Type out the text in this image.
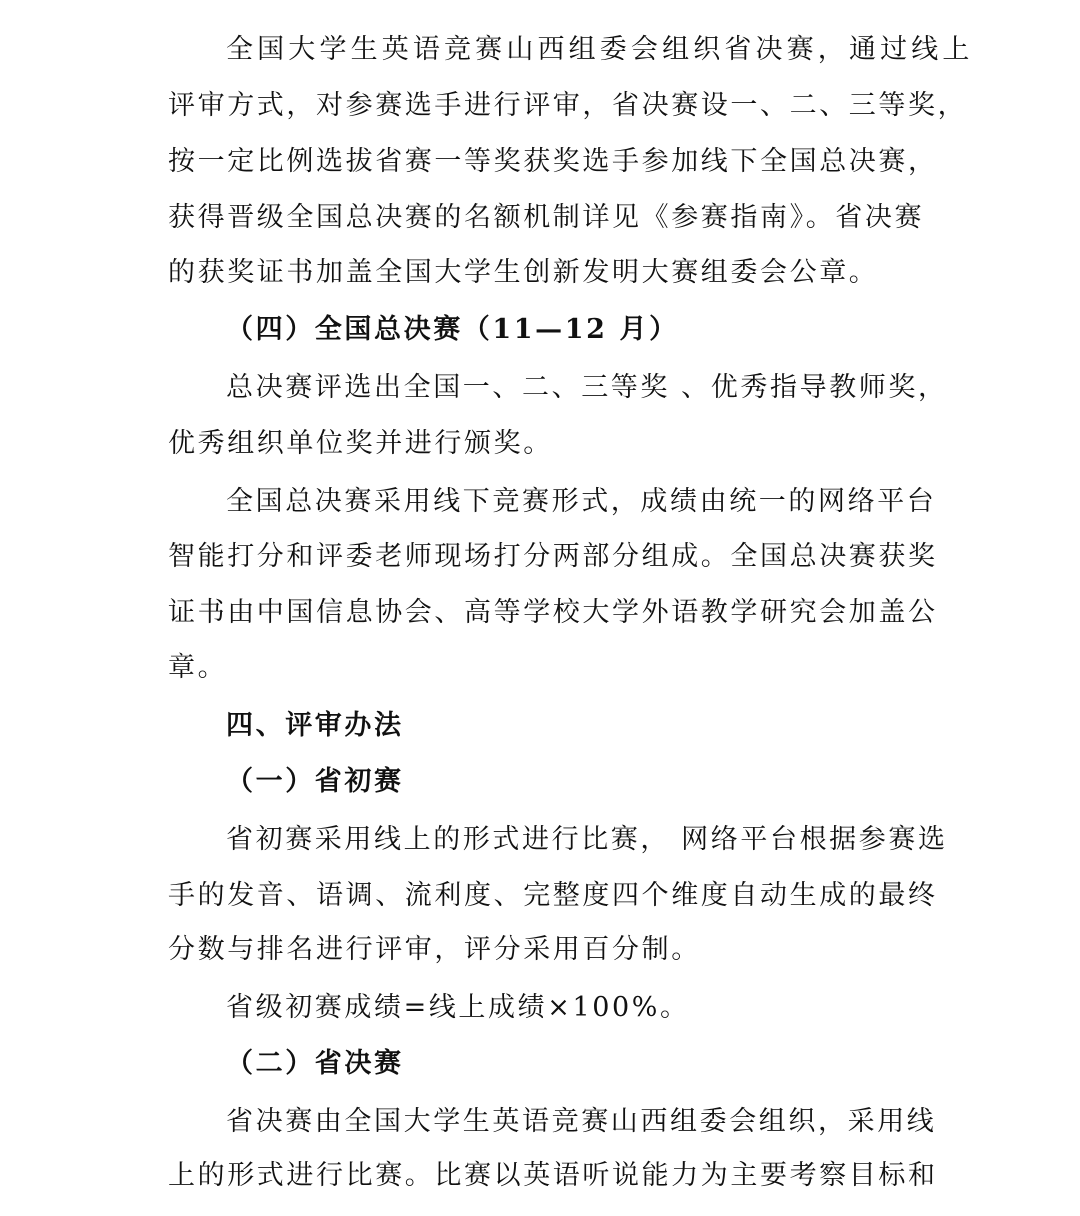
全国大学生英语竞赛山西组委会组织省决赛，通过线上
评审方式，对参赛选手进行评审，省决赛设一、二、三等奖，
按一定比例选拔省赛一等奖获奖选手参加线下全国总决赛，
获得晋级全国总决赛的名额机制详见《参赛指南》。省决赛
的获奖证书加盖全国大学生创新发明大赛组委会公章。
（四）全国总决赛（11—12 月）
总决赛评选出全国一、二、三等奖 、优秀指导教师奖，
优秀组织单位奖并进行颁奖。
全国总决赛采用线下竞赛形式，成绩由统一的网络平台
智能打分和评委老师现场打分两部分组成。全国总决赛获奖
证书由中国信息协会、高等学校大学外语教学研究会加盖公
章。
四、评审办法
（一）省初赛
省初赛采用线上的形式进行比赛， 网络平台根据参赛选
手的发音、语调、流利度、完整度四个维度自动生成的最终
分数与排名进行评审，评分采用百分制。
省级初赛成绩=线上成绩×100%。
（二）省决赛
省决赛由全国大学生英语竞赛山西组委会组织，采用线
上的形式进行比赛。比赛以英语听说能力为主要考察目标和
